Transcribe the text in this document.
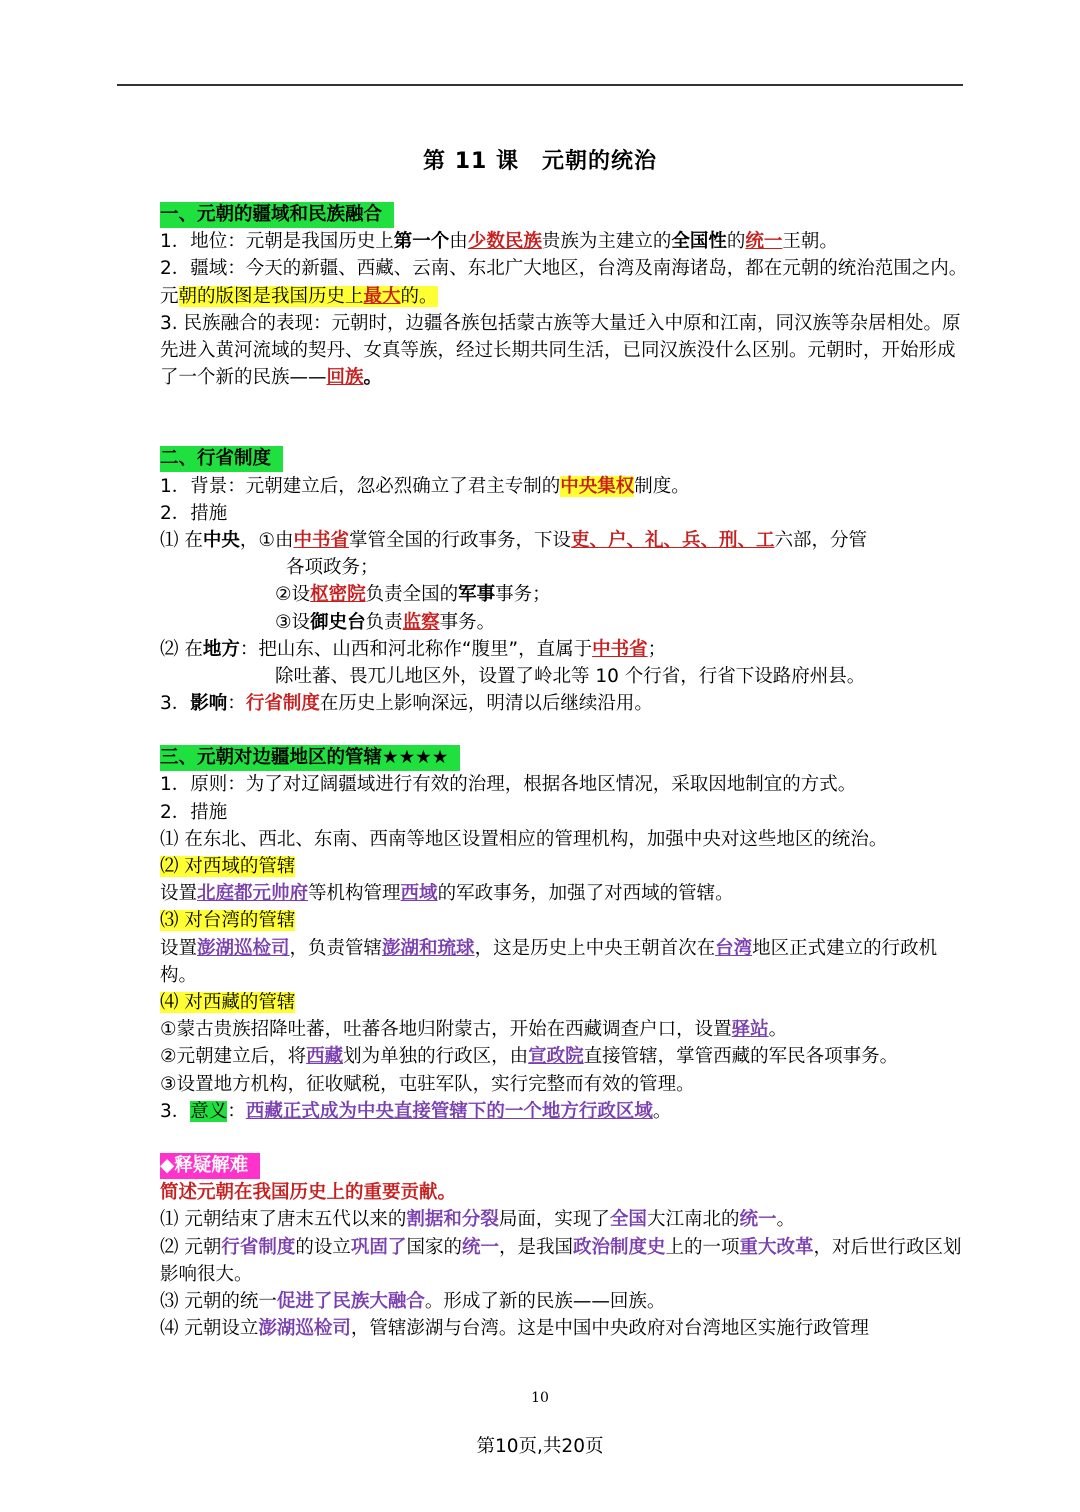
第 11 课　元朝的统治
一、元朝的疆域和民族融合
1．地位：元朝是我国历史上第一个由少数民族贵族为主建立的全国性的统一王朝。
2．疆域：今天的新疆、西藏、云南、东北广大地区，台湾及南海诸岛，都在元朝的统治范围之内。元朝的版图是我国历史上最大的。
3. 民族融合的表现：元朝时，边疆各族包括蒙古族等大量迁入中原和江南，同汉族等杂居相处。原先进入黄河流域的契丹、女真等族，经过长期共同生活，已同汉族没什么区别。元朝时，开始形成了一个新的民族——回族。
二、行省制度
1．背景：元朝建立后，忽必烈确立了君主专制的中央集权制度。
2．措施
⑴ 在中央，①由中书省掌管全国的行政事务，下设吏、户、礼、兵、刑、工六部，分管
各项政务；
②设枢密院负责全国的军事事务；
③设御史台负责监察事务。
⑵ 在地方：把山东、山西和河北称作“腹里”，直属于中书省；
除吐蕃、畏兀儿地区外，设置了岭北等 10 个行省，行省下设路府州县。
3．影响：行省制度在历史上影响深远，明清以后继续沿用。
三、元朝对边疆地区的管辖★★★★
1．原则：为了对辽阔疆域进行有效的治理，根据各地区情况，采取因地制宜的方式。
2．措施
⑴ 在东北、西北、东南、西南等地区设置相应的管理机构，加强中央对这些地区的统治。
⑵ 对西域的管辖
设置北庭都元帅府等机构管理西域的军政事务，加强了对西域的管辖。
⑶ 对台湾的管辖
设置澎湖巡检司，负责管辖澎湖和琉球，这是历史上中央王朝首次在台湾地区正式建立的行政机构。
⑷ 对西藏的管辖
①蒙古贵族招降吐蕃，吐蕃各地归附蒙古，开始在西藏调查户口，设置驿站。
②元朝建立后，将西藏划为单独的行政区，由宣政院直接管辖，掌管西藏的军民各项事务。
③设置地方机构，征收赋税，屯驻军队，实行完整而有效的管理。
3．意义：西藏正式成为中央直接管辖下的一个地方行政区域。
◆释疑解难
简述元朝在我国历史上的重要贡献。
⑴ 元朝结束了唐末五代以来的割据和分裂局面，实现了全国大江南北的统一。
⑵ 元朝行省制度的设立巩固了国家的统一，是我国政治制度史上的一项重大改革，对后世行政区划影响很大。
⑶ 元朝的统一促进了民族大融合。形成了新的民族——回族。
⑷ 元朝设立澎湖巡检司，管辖澎湖与台湾。这是中国中央政府对台湾地区实施行政管理
10
第10页,共20页
